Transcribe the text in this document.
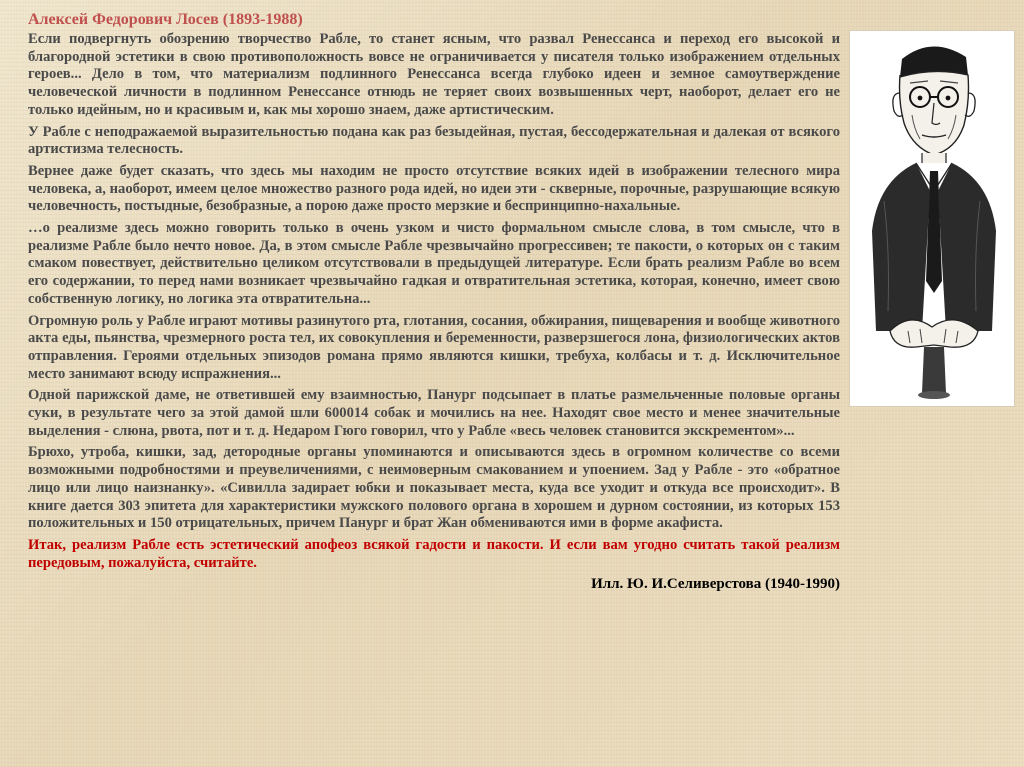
Алексей Федорович Лосев (1893-1988)

Если подвергнуть обозрению творчество Рабле, то станет ясным, что развал Ренессанса и переход его высокой и благородной эстетики в свою противоположность вовсе не ограничивается у писателя только изображением отдельных героев... Дело в том, что материализм подлинного Ренессанса всегда глубоко идеен и земное самоутверждение человеческой личности в подлинном Ренессансе отнюдь не теряет своих возвышенных черт, наоборот, делает его не только идейным, но и красивым и, как мы хорошо знаем, даже артистическим.

У Рабле с неподражаемой выразительностью подана как раз безыдейная, пустая, бессодержательная и далекая от всякого артистизма телесность.

Вернее даже будет сказать, что здесь мы находим не просто отсутствие всяких идей в изображении телесного мира человека, а, наоборот, имеем целое множество разного рода идей, но идеи эти - скверные, порочные, разрушающие всякую человечность, постыдные, безобразные, а порою даже просто мерзкие и беспринципно-нахальные.

…о реализме здесь можно говорить только в очень узком и чисто формальном смысле слова, в том смысле, что в реализме Рабле было нечто новое. Да, в этом смысле Рабле чрезвычайно прогрессивен; те пакости, о которых он с таким смаком повествует, действительно целиком отсутствовали в предыдущей литературе. Если брать реализм Рабле во всем его содержании, то перед нами возникает чрезвычайно гадкая и отвратительная эстетика, которая, конечно, имеет свою собственную логику, но логика эта отвратительна...

Огромную роль у Рабле играют мотивы разинутого рта, глотания, сосания, обжирания, пищеварения и вообще животного акта еды, пьянства, чрезмерного роста тел, их совокупления и беременности, разверзшегося лона, физиологических актов отправления. Героями отдельных эпизодов романа прямо являются кишки, требуха, колбасы и т. д. Исключительное место занимают всюду испражнения...

Одной парижской даме, не ответившей ему взаимностью, Панург подсыпает в платье размельченные половые органы суки, в результате чего за этой дамой шли 600014 собак и мочились на нее. Находят свое место и менее значительные выделения - слюна, рвота, пот и т. д. Недаром Гюго говорил, что у Рабле «весь человек становится экскрементом»...

Брюхо, утроба, кишки, зад, детородные органы упоминаются и описываются здесь в огромном количестве со всеми возможными подробностями и преувеличениями, с неимоверным смакованием и упоением. Зад у Рабле - это «обратное лицо или лицо наизнанку». «Сивилла задирает юбки и показывает места, куда все уходит и откуда все происходит». В книге дается 303 эпитета для характеристики мужского полового органа в хорошем и дурном состоянии, из которых 153 положительных и 150 отрицательных, причем Панург и брат Жан обмениваются ими в форме акафиста.

Итак, реализм Рабле есть эстетический апофеоз всякой гадости и пакости. И если вам угодно считать такой реализм передовым, пожалуйста, считайте.

Илл. Ю. И.Селиверстова (1940-1990)
